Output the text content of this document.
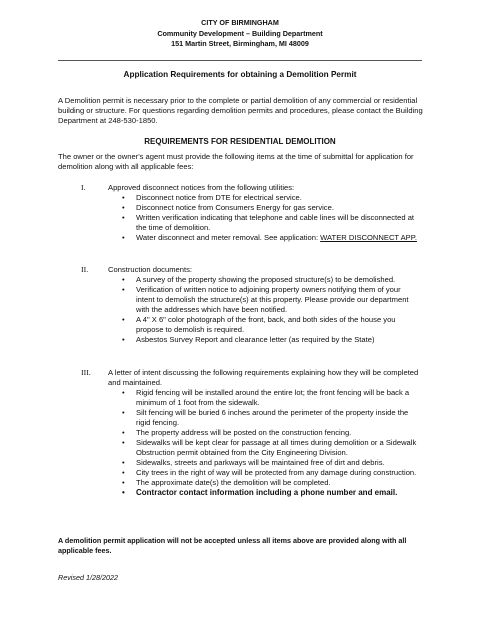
CITY OF BIRMINGHAM
Community Development – Building Department
151 Martin Street, Birmingham, MI 48009
Application Requirements for obtaining a Demolition Permit
A Demolition permit is necessary prior to the complete or partial demolition of any commercial or residential building or structure. For questions regarding demolition permits and procedures, please contact the Building Department at 248-530-1850.
REQUIREMENTS FOR RESIDENTIAL DEMOLITION
The owner or the owner's agent must provide the following items at the time of submittal for application for demolition along with all applicable fees:
I.	Approved disconnect notices from the following utilities:
• Disconnect notice from DTE for electrical service.
• Disconnect notice from Consumers Energy for gas service.
• Written verification indicating that telephone and cable lines will be disconnected at the time of demolition.
• Water disconnect and meter removal. See application: WATER DISCONNECT APP.
II.	Construction documents:
• A survey of the property showing the proposed structure(s) to be demolished.
• Verification of written notice to adjoining property owners notifying them of your intent to demolish the structure(s) at this property. Please provide our department with the addresses which have been notified.
• A 4" X 6" color photograph of the front, back, and both sides of the house you propose to demolish is required.
• Asbestos Survey Report and clearance letter (as required by the State)
III. A letter of intent discussing the following requirements explaining how they will be completed and maintained.
• Rigid fencing will be installed around the entire lot; the front fencing will be back a minimum of 1 foot from the sidewalk.
• Silt fencing will be buried 6 inches around the perimeter of the property inside the rigid fencing.
• The property address will be posted on the construction fencing.
• Sidewalks will be kept clear for passage at all times during demolition or a Sidewalk Obstruction permit obtained from the City Engineering Division.
• Sidewalks, streets and parkways will be maintained free of dirt and debris.
• City trees in the right of way will be protected from any damage during construction.
• The approximate date(s) the demolition will be completed.
• Contractor contact information including a phone number and email.
A demolition permit application will not be accepted unless all items above are provided along with all applicable fees.
Revised 1/28/2022
